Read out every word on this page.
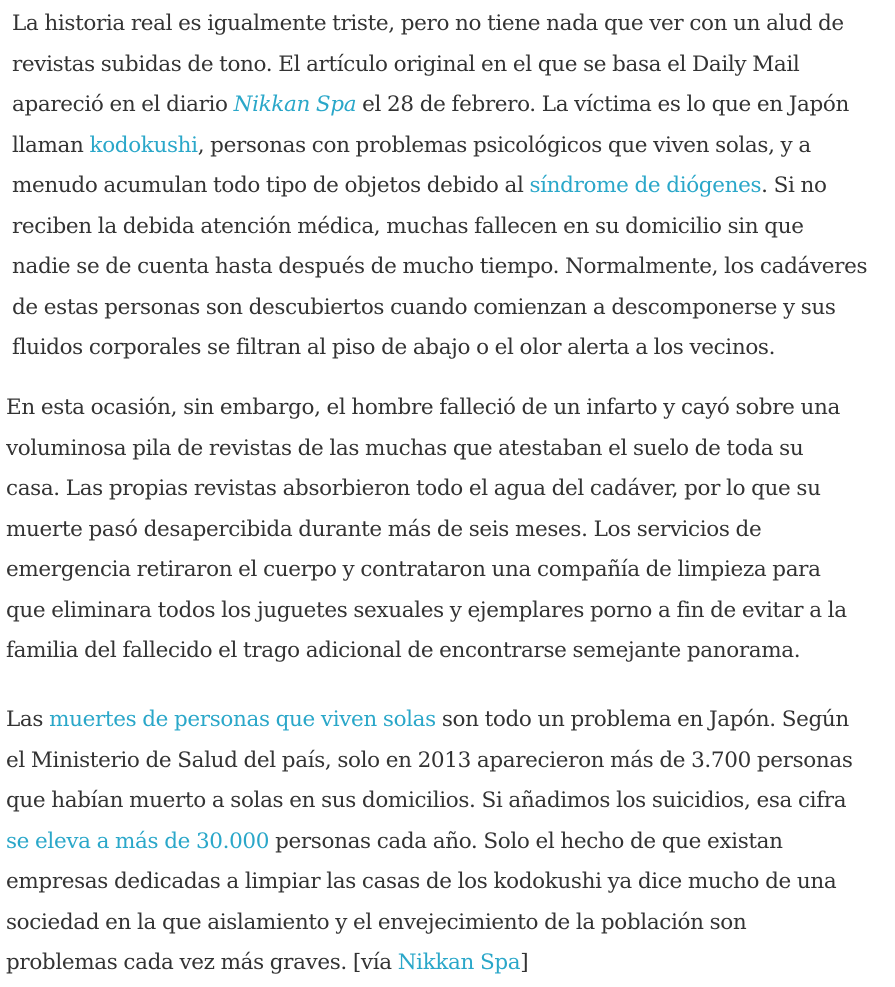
La historia real es igualmente triste, pero no tiene nada que ver con un alud de
revistas subidas de tono. El artículo original en el que se basa el Daily Mail
apareció en el diario Nikkan Spa el 28 de febrero. La víctima es lo que en Japón
llaman kodokushi, personas con problemas psicológicos que viven solas, y a
menudo acumulan todo tipo de objetos debido al síndrome de diógenes. Si no
reciben la debida atención médica, muchas fallecen en su domicilio sin que
nadie se de cuenta hasta después de mucho tiempo. Normalmente, los cadáveres
de estas personas son descubiertos cuando comienzan a descomponerse y sus
fluidos corporales se filtran al piso de abajo o el olor alerta a los vecinos.

En esta ocasión, sin embargo, el hombre falleció de un infarto y cayó sobre una
voluminosa pila de revistas de las muchas que atestaban el suelo de toda su
casa. Las propias revistas absorbieron todo el agua del cadáver, por lo que su
muerte pasó desapercibida durante más de seis meses. Los servicios de
emergencia retiraron el cuerpo y contrataron una compañía de limpieza para
que eliminara todos los juguetes sexuales y ejemplares porno a fin de evitar a la
familia del fallecido el trago adicional de encontrarse semejante panorama.

Las muertes de personas que viven solas son todo un problema en Japón. Según
el Ministerio de Salud del país, solo en 2013 aparecieron más de 3.700 personas
que habían muerto a solas en sus domicilios. Si añadimos los suicidios, esa cifra
se eleva a más de 30.000 personas cada año. Solo el hecho de que existan
empresas dedicadas a limpiar las casas de los kodokushi ya dice mucho de una
sociedad en la que aislamiento y el envejecimiento de la población son
problemas cada vez más graves. [vía Nikkan Spa]
